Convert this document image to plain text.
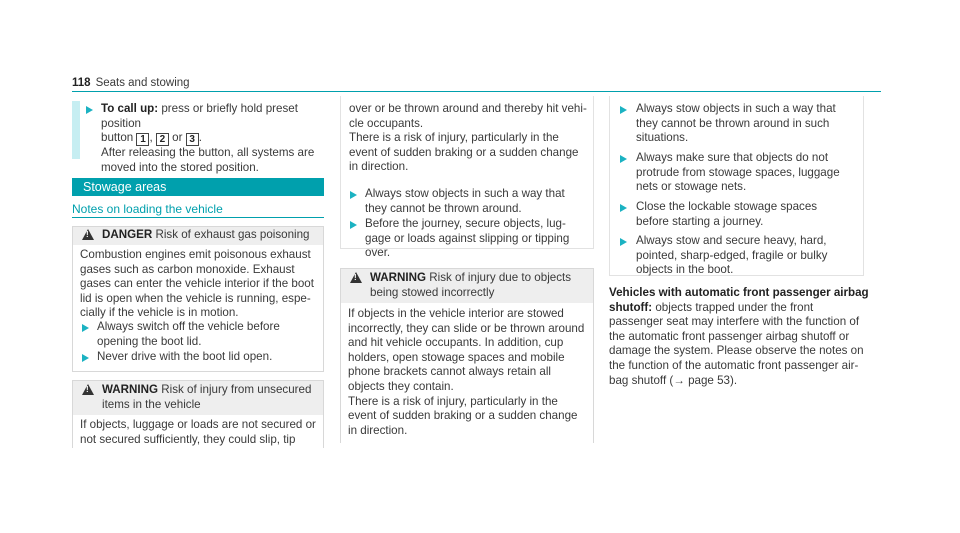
118 Seats and stowing

To call up: press or briefly hold preset position

button 1 , 2 or 3 .

After releasing the button, all systems are

moved into the stored position.

Stowage areas
Notes on loading the vehicle
!
DANGER Risk of exhaust gas poisoning

Combustion engines emit poisonous exhaust

gases such as carbon monoxide. Exhaust

gases can enter the vehicle interior if the boot

lid is open when the vehicle is running, espe-

cially if the vehicle is in motion.

Always switch off the vehicle before

opening the boot lid.

Never drive with the boot lid open.

!

WARNING Risk of injury from unsecured

items in the vehicle

If objects, luggage or loads are not secured or

not secured sufficiently, they could slip, tip

over or be thrown around and thereby hit vehi-

cle occupants.

There is a risk of injury, particularly in the

event of sudden braking or a sudden change

in direction.

Always stow objects in such a way that

they cannot be thrown around.

Before the journey, secure objects, lug-

gage or loads against slipping or tipping

over.

!

WARNING Risk of injury due to objects

being stowed incorrectly

If objects in the vehicle interior are stowed

incorrectly, they can slide or be thrown around

and hit vehicle occupants. In addition, cup

holders, open stowage spaces and mobile

phone brackets cannot always retain all

objects they contain.

There is a risk of injury, particularly in the

event of sudden braking or a sudden change

in direction.

Always stow objects in such a way that

they cannot be thrown around in such

situations.

Always make sure that objects do not

protrude from stowage spaces, luggage

nets or stowage nets.

Close the lockable stowage spaces

before starting a journey.

Always stow and secure heavy, hard,

pointed, sharp-edged, fragile or bulky

objects in the boot.

Vehicles with automatic front passenger airbag

shutoff: objects trapped under the front

passenger seat may interfere with the function of

the automatic front passenger airbag shutoff or

damage the system. Please observe the notes on

the function of the automatic front passenger air-

bag shutoff (→ page 53).
